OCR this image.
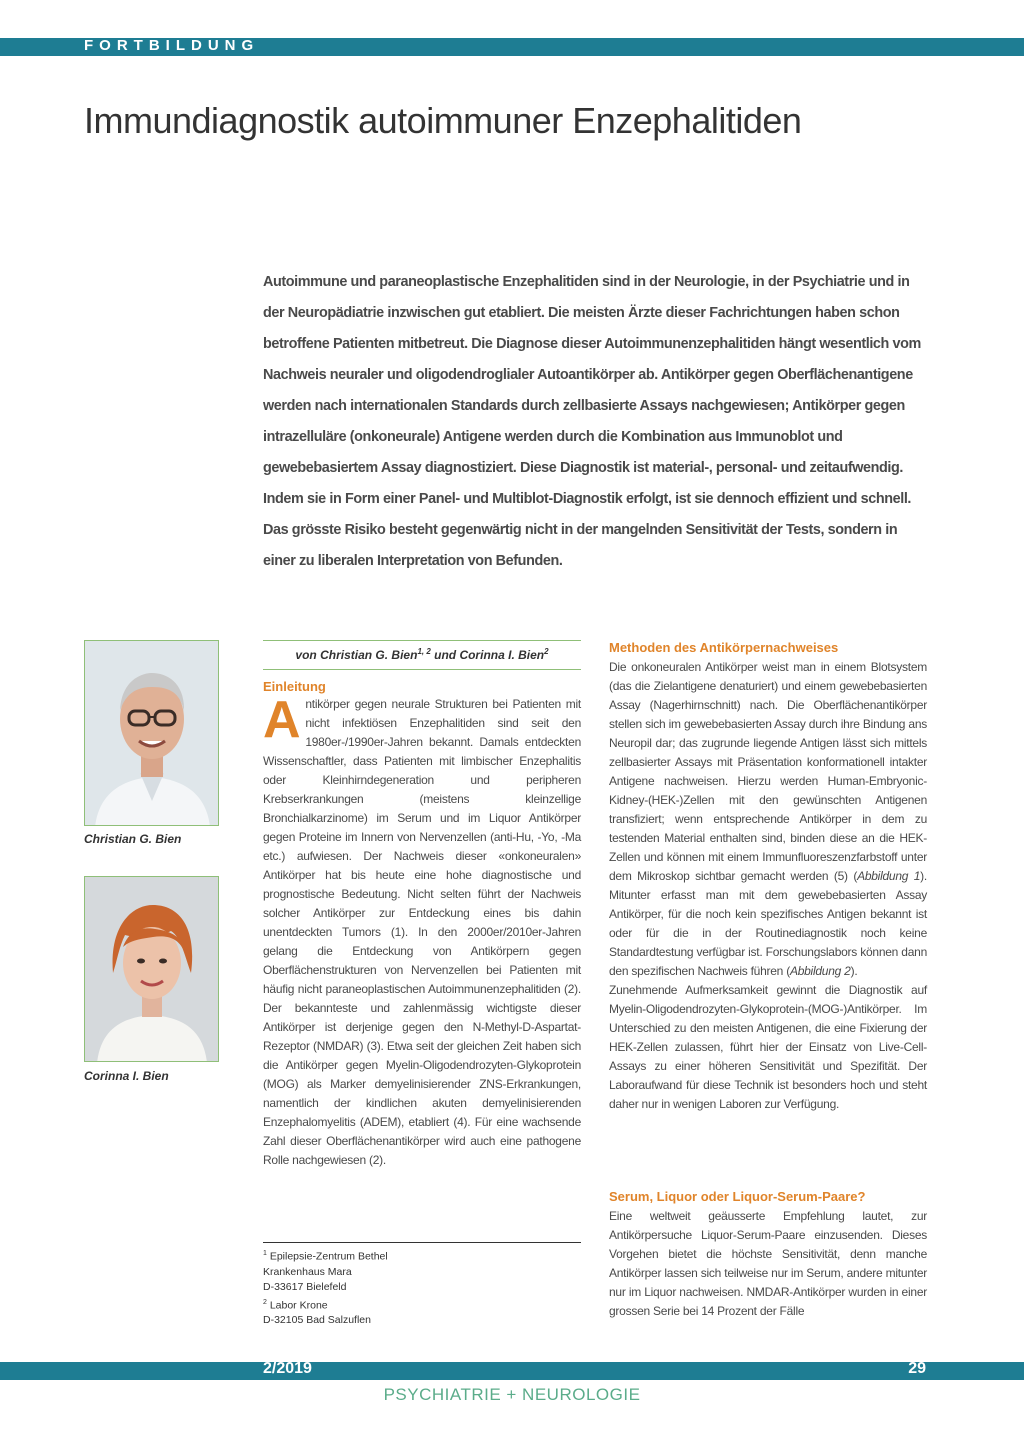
FORTBILDUNG
Immundiagnostik autoimmuner Enzephalitiden
Autoimmune und paraneoplastische Enzephalitiden sind in der Neurologie, in der Psychiatrie und in der Neuropädiatrie inzwischen gut etabliert. Die meisten Ärzte dieser Fachrichtungen haben schon betroffene Patienten mitbetreut. Die Diagnose dieser Autoimmunenzephalitiden hängt wesentlich vom Nachweis neuraler und oligodendroglialer Autoantikörper ab. Antikörper gegen Oberflächenantigene werden nach internationalen Standards durch zellbasierte Assays nachgewiesen; Antikörper gegen intrazelluläre (onkoneurale) Antigene werden durch die Kombination aus Immunoblot und gewebebasiertem Assay diagnostiziert. Diese Diagnostik ist material-, personal- und zeitaufwendig. Indem sie in Form einer Panel- und Multiblot-Diagnostik erfolgt, ist sie dennoch effizient und schnell. Das grösste Risiko besteht gegenwärtig nicht in der mangelnden Sensitivität der Tests, sondern in einer zu liberalen Interpretation von Befunden.
Christian G. Bien
Corinna I. Bien
von Christian G. Bien$^{1, 2}$ und Corinna I. Bien$^2$
Einleitung

Antikörper gegen neurale Strukturen bei Patienten mit nicht infektiösen Enzephalitiden sind seit den 1980er-/1990er-Jahren bekannt. Damals entdeckten Wissenschaftler, dass Patienten mit limbischer Enzephalitis oder Kleinhirndegeneration und peripheren Krebserkrankungen (meistens kleinzellige Bronchialkarzinome) im Serum und im Liquor Antikörper gegen Proteine im Innern von Nervenzellen (anti-Hu, -Yo, -Ma etc.) aufwiesen. Der Nachweis dieser «onkoneuralen» Antikörper hat bis heute eine hohe diagnostische und prognostische Bedeutung. Nicht selten führt der Nachweis solcher Antikörper zur Entdeckung eines bis dahin unentdeckten Tumors (1). In den 2000er/2010er-Jahren gelang die Entdeckung von Antikörpern gegen Oberflächenstrukturen von Nervenzellen bei Patienten mit häufig nicht paraneoplastischen Autoimmunenzephalitiden (2). Der bekannteste und zahlenmässig wichtigste dieser Antikörper ist derjenige gegen den N-Methyl-D-Aspartat-Rezeptor (NMDAR) (3). Etwa seit der gleichen Zeit haben sich die Antikörper gegen Myelin-Oligodendrozyten-Glykoprotein (MOG) als Marker demyelinisierender ZNS-Erkrankungen, namentlich der kindlichen akuten demyelinisierenden Enzephalomyelitis (ADEM), etabliert (4). Für eine wachsende Zahl dieser Oberflächenantikörper wird auch eine pathogene Rolle nachgewiesen (2).

$^1$ Epilepsie-Zentrum Bethel
Krankenhaus Mara
D-33617 Bielefeld
$^2$ Labor Krone
D-32105 Bad Salzuflen
Methoden des Antikörpernachweises

Die onkoneuralen Antikörper weist man in einem Blotsystem (das die Zielantigene denaturiert) und einem gewebebasierten Assay (Nagerhirnschnitt) nach. Die Oberflächenantikörper stellen sich im gewebebasierten Assay durch ihre Bindung ans Neuropil dar; das zugrunde liegende Antigen lässt sich mittels zellbasierter Assays mit Präsentation konformationell intakter Antigene nachweisen. Hierzu werden Human-Embryonic-Kidney-(HEK-)Zellen mit den gewünschten Antigenen transfiziert; wenn entsprechende Antikörper in dem zu testenden Material enthalten sind, binden diese an die HEK-Zellen und können mit einem Immunfluoreszenzfarbstoff unter dem Mikroskop sichtbar gemacht werden (5) (Abbildung 1). Mitunter erfasst man mit dem gewebebasierten Assay Antikörper, für die noch kein spezifisches Antigen bekannt ist oder für die in der Routinediagnostik noch keine Standardtestung verfügbar ist. Forschungslabors können dann den spezifischen Nachweis führen (Abbildung 2).

Zunehmende Aufmerksamkeit gewinnt die Diagnostik auf Myelin-Oligodendrozyten-Glykoprotein-(MOG-)Antikörper. Im Unterschied zu den meisten Antigenen, die eine Fixierung der HEK-Zellen zulassen, führt hier der Einsatz von Live-Cell-Assays zu einer höheren Sensitivität und Spezifität. Der Laboraufwand für diese Technik ist besonders hoch und steht daher nur in wenigen Laboren zur Verfügung.

Serum, Liquor oder Liquor-Serum-Paare?

Eine weltweit geäusserte Empfehlung lautet, zur Antikörpersuche Liquor-Serum-Paare einzusenden. Dieses Vorgehen bietet die höchste Sensitivität, denn manche Antikörper lassen sich teilweise nur im Serum, andere mitunter nur im Liquor nachweisen. NMDAR-Antikörper wurden in einer grossen Serie bei 14 Prozent der Fälle

2/2019	29
PSYCHIATRIE + NEUROLOGIE
